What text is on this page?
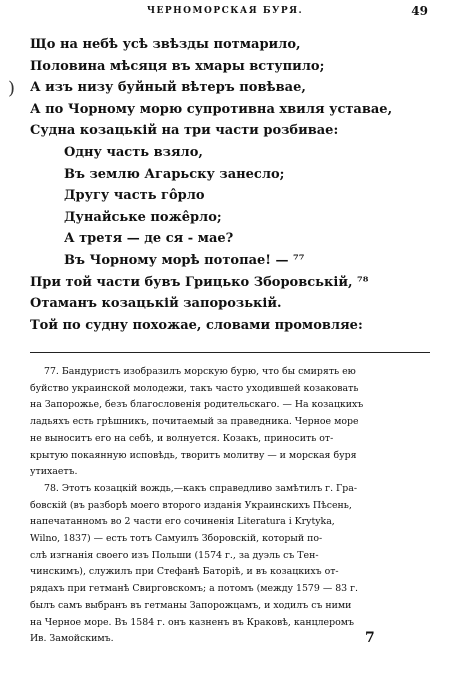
ЧЕРНОМОРСКАЯ БУРЯ.	49
)
Що на небѣ усѣ звѣзды потмарило,
Половина мѣсяця въ хмары вступило;
А изъ низу буйный вѣтеръ повѣвае,
А по Чорному морю супротивна хвиля уставае,
Судна козацькій на три части розбивае:
Одну часть взяло,
Въ землю Агарьску занесло;
Другу часть гôрло
Дунайське пожêрло;
А третя — де ся - мае?
Въ Чорному морѣ потопае! — ⁷⁷
При той части бувъ Грицько Зборовськiй, ⁷⁸
Отаманъ козацькій запорозькій.
Той по судну похожае, словами промовляе:
77. Бандуристъ изобразилъ морскую бурю, что бы смирять ею
буйство украинской молодежи, такъ часто уходившей козаковать
на Запорожье, безъ благословенія родительскаго. — На козацкихъ
ладьяхъ есть грѣшникъ, почитаемый за праведника. Черное море
не выноситъ его на себѣ, и волнуется. Козакъ, приносить от-
крытую покаянную исповѣдь, творитъ молитву — и морская буря
утихаетъ.
78. Этотъ козацкій вождь,—какъ справедливо замѣтилъ г. Гра-
бовскій (въ разборѣ моего второго изданія Украинскихъ Пѣсень,
напечатанномъ во 2 части его сочиненія Literatura i Krytyka,
Wilno, 1837) — есть тотъ Самуилъ Зборовскій, который по-
слѣ изгнанія своего изъ Польши (1574 г., за дуэль съ Тен-
чинскимъ), служилъ при Стефанѣ Баторіѣ, и въ козацкихъ от-
рядахъ при гетманѣ Свирговскомъ; а потомъ (между 1579 — 83 г.
былъ самъ выбранъ въ гетманы Запорожцамъ, и ходилъ съ ними
на Черное море. Въ 1584 г. онъ казненъ въ Краковѣ, канцлеромъ
Ив. Замойскимъ.	7
